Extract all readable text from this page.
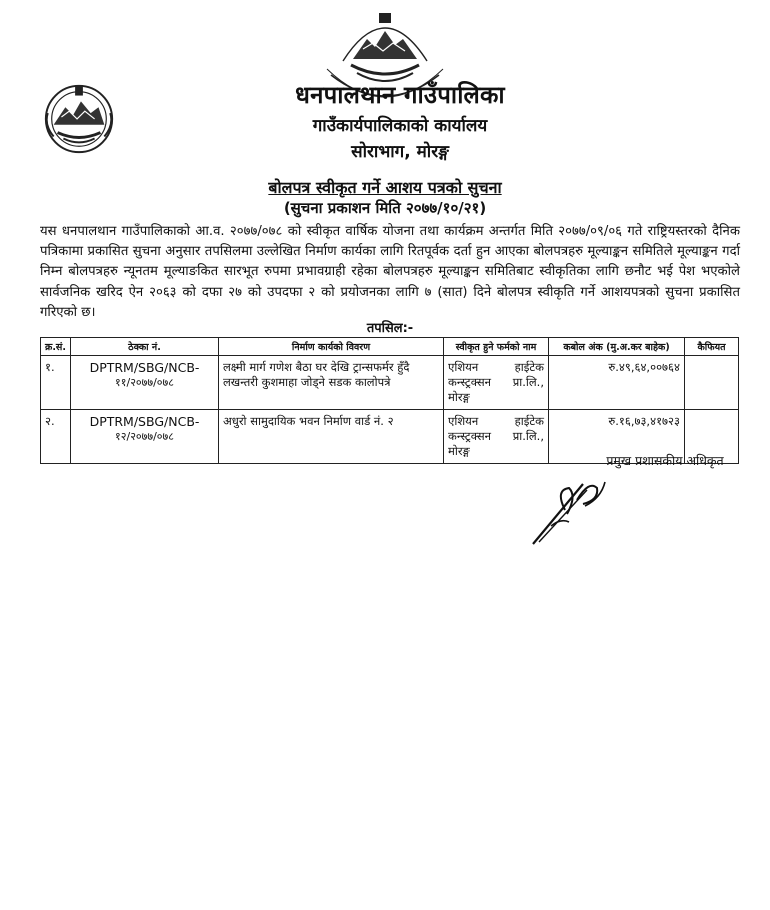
धनपालथान गाउँपालिका
गाउँकार्यपालिकाको कार्यालय
सोराभाग, मोरङ्ग
बोलपत्र स्वीकृत गर्ने आशय पत्रको सुचना
(सुचना प्रकाशन मिति २०७७/१०/२१)
यस धनपालथान गाउँपालिकाको आ.व. २०७७/०७८ को स्वीकृत वार्षिक योजना तथा कार्यक्रम अन्तर्गत मिति २०७७/०९/०६ गते राष्ट्रियस्तरको दैनिक पत्रिकामा प्रकासित सुचना अनुसार तपसिलमा उल्लेखित निर्माण कार्यका लागि रितपूर्वक दर्ता हुन आएका बोलपत्रहरु मूल्याङ्कन समितिले मूल्याङ्कन गर्दा निम्न बोलपत्रहरु न्यूनतम मूल्याङकित सारभूत रुपमा प्रभावग्राही रहेका बोलपत्रहरु मूल्याङ्कन समितिबाट स्वीकृतिका लागि छनौट भई पेश भएकोले सार्वजनिक खरिद ऐन २०६३ को दफा २७ को उपदफा २ को प्रयोजनका लागि ७ (सात) दिने बोलपत्र स्वीकृति गर्ने आशयपत्रको सुचना प्रकासित गरिएको छ।
तपसिल:-
क्र.सं.	ठेक्का नं.	निर्माण कार्यको विवरण	स्वीकृत हुने फर्मको नाम	कबोल अंक (मु.अ.कर बाहेक)	कैफियत
१.	DPTRM/SBG/NCB-
११/२०७७/०७८	लक्ष्मी मार्ग गणेश बैठा घर देखि ट्रान्सफर्मर हुँदै लखन्तरी कुशमाहा जोड्ने सडक कालोपत्रे	एशियन हाईटेक कन्स्ट्रक्सन प्रा.लि., मोरङ्ग	रु.४९,६४,००७६४	
२.	DPTRM/SBG/NCB-
१२/२०७७/०७८	अधुरो सामुदायिक भवन निर्माण वार्ड नं. २	एशियन हाईटेक कन्स्ट्रक्सन प्रा.लि., मोरङ्ग	रु.१६,७३,४१७२३	
प्रमुख प्रशासकीय अधिकृत
